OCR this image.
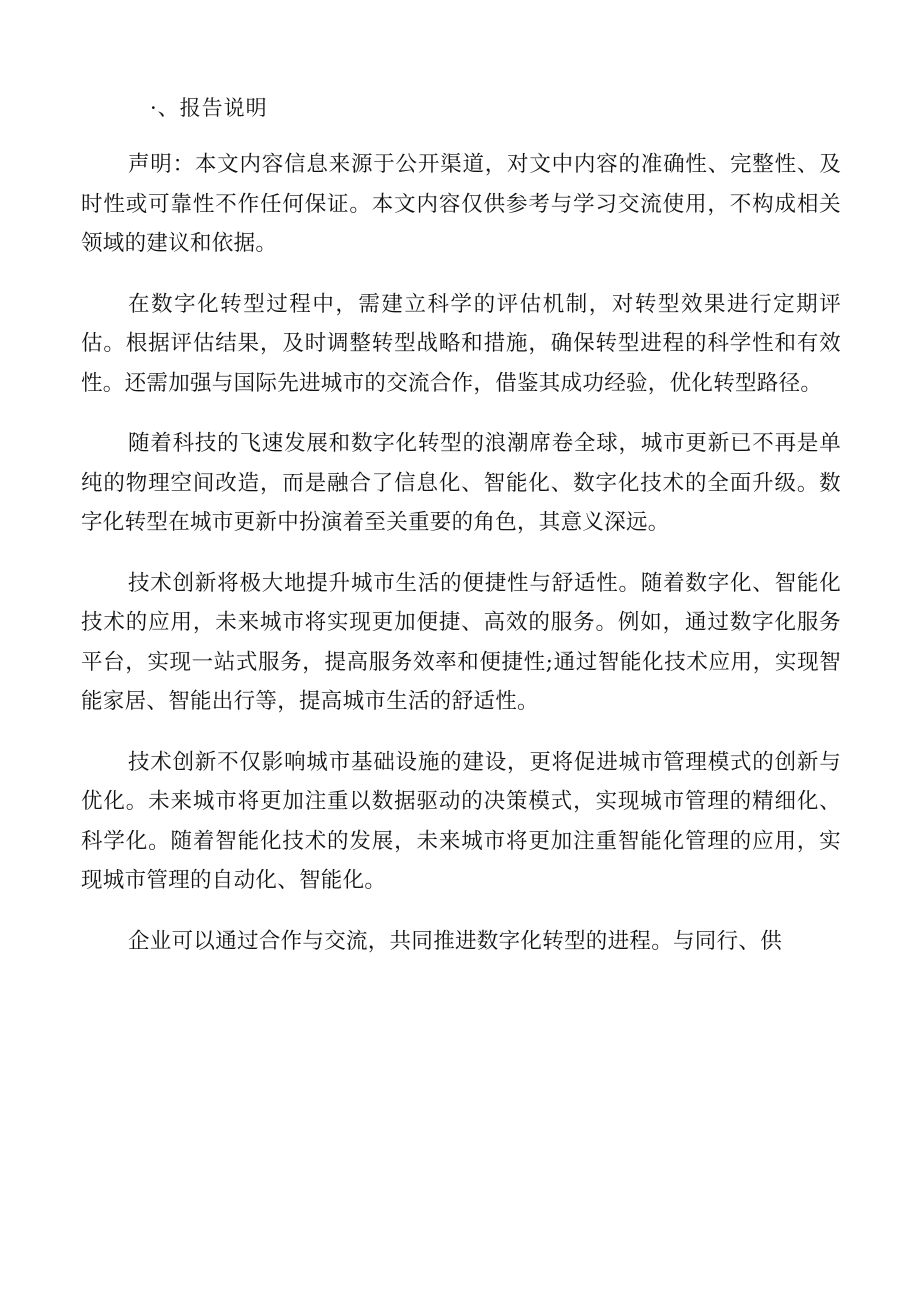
·、报告说明

声明：本文内容信息来源于公开渠道，对文中内容的准确性、完整性、及时性或可靠性不作任何保证。本文内容仅供参考与学习交流使用，不构成相关领域的建议和依据。

在数字化转型过程中，需建立科学的评估机制，对转型效果进行定期评估。根据评估结果，及时调整转型战略和措施，确保转型进程的科学性和有效性。还需加强与国际先进城市的交流合作，借鉴其成功经验，优化转型路径。

随着科技的飞速发展和数字化转型的浪潮席卷全球，城市更新已不再是单纯的物理空间改造，而是融合了信息化、智能化、数字化技术的全面升级。数字化转型在城市更新中扮演着至关重要的角色，其意义深远。

技术创新将极大地提升城市生活的便捷性与舒适性。随着数字化、智能化技术的应用，未来城市将实现更加便捷、高效的服务。例如，通过数字化服务平台，实现一站式服务，提高服务效率和便捷性;通过智能化技术应用，实现智能家居、智能出行等，提高城市生活的舒适性。

技术创新不仅影响城市基础设施的建设，更将促进城市管理模式的创新与优化。未来城市将更加注重以数据驱动的决策模式，实现城市管理的精细化、科学化。随着智能化技术的发展，未来城市将更加注重智能化管理的应用，实现城市管理的自动化、智能化。

企业可以通过合作与交流，共同推进数字化转型的进程。与同行、供
